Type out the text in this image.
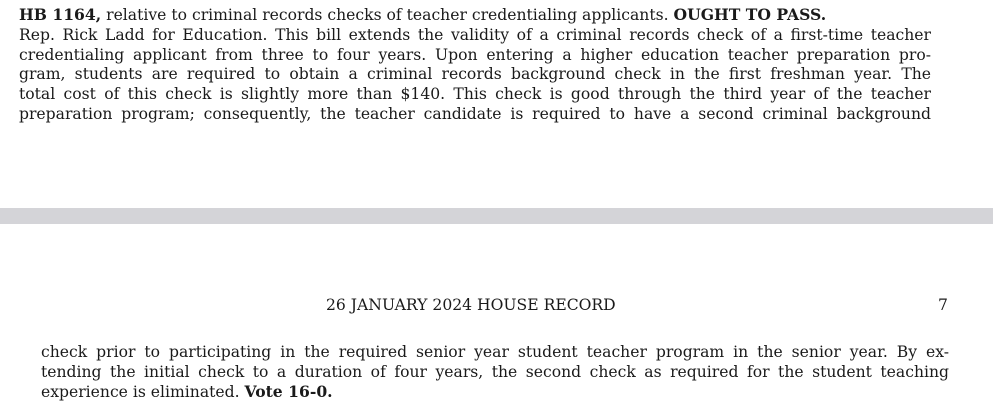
HB 1164, relative to criminal records checks of teacher credentialing applicants. OUGHT TO PASS.
Rep. Rick Ladd for Education. This bill extends the validity of a criminal records check of a first-time teacher
credentialing applicant from three to four years. Upon entering a higher education teacher preparation pro-
gram, students are required to obtain a criminal records background check in the first freshman year. The
total cost of this check is slightly more than $140. This check is good through the third year of the teacher
preparation program; consequently, the teacher candidate is required to have a second criminal background
26 JANUARY 2024 HOUSE RECORD	7
check prior to participating in the required senior year student teacher program in the senior year. By ex-
tending the initial check to a duration of four years, the second check as required for the student teaching
experience is eliminated. Vote 16-0.
